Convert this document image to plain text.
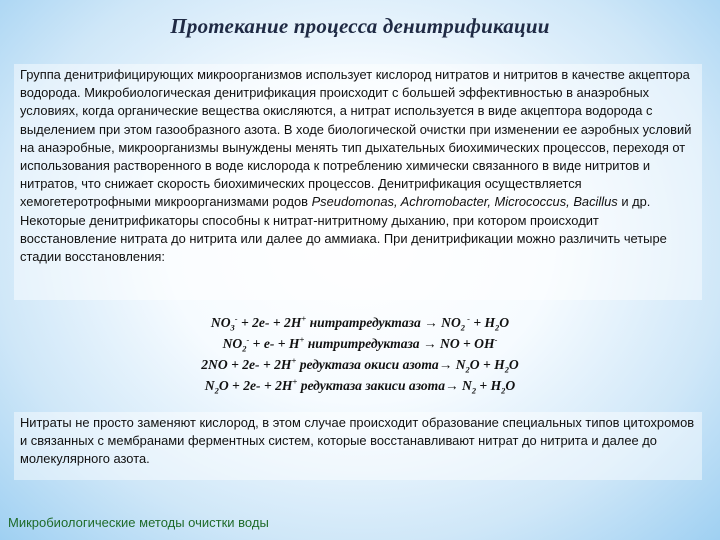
Протекание процесса денитрификации
Группа денитрифицирующих микроорганизмов использует кислород нитратов и нитритов в качестве акцептора водорода. Микробиологическая денитрификация происходит с большей эффективностью в анаэробных условиях, когда органические вещества окисляются, а нитрат используется в виде акцептора водорода с выделением при этом газообразного азота. В ходе биологической очистки при изменении ее аэробных условий на анаэробные, микроорганизмы вынуждены менять тип дыхательных биохимических процессов, переходя от использования растворенного в воде кислорода к потреблению химически связанного в виде нитритов и нитратов, что снижает скорость биохимических процессов. Денитрификация осуществляется хемогетеротрофными микроорганизмами родов Pseudomonas, Achromobacter, Micrococcus, Bacillus и др. Некоторые денитрификаторы способны к нитрат-нитритному дыханию, при котором происходит восстановление нитрата до нитрита или далее до аммиака. При денитрификации можно различить четыре стадии восстановления:
$NO_3^- + 2e- + 2H^+$ нитратредуктаза → $NO_2$ $^- + H_2O$
$NO_2^- + e- + H^+$ нитритредуктаза → NO + OH-
2NO + 2e- + 2H+ редуктаза окиси азота→ $N_2O + H_2O$
$N_2O + 2e- + 2H^+$ редуктаза закиси азота→ $N_2 + H_2O$
Нитраты не просто заменяют кислород, в этом случае происходит образование специальных типов цитохромов и связанных с мембранами ферментных систем, которые восстанавливают нитрат до нитрита и далее до молекулярного азота.
Микробиологические методы очистки воды
